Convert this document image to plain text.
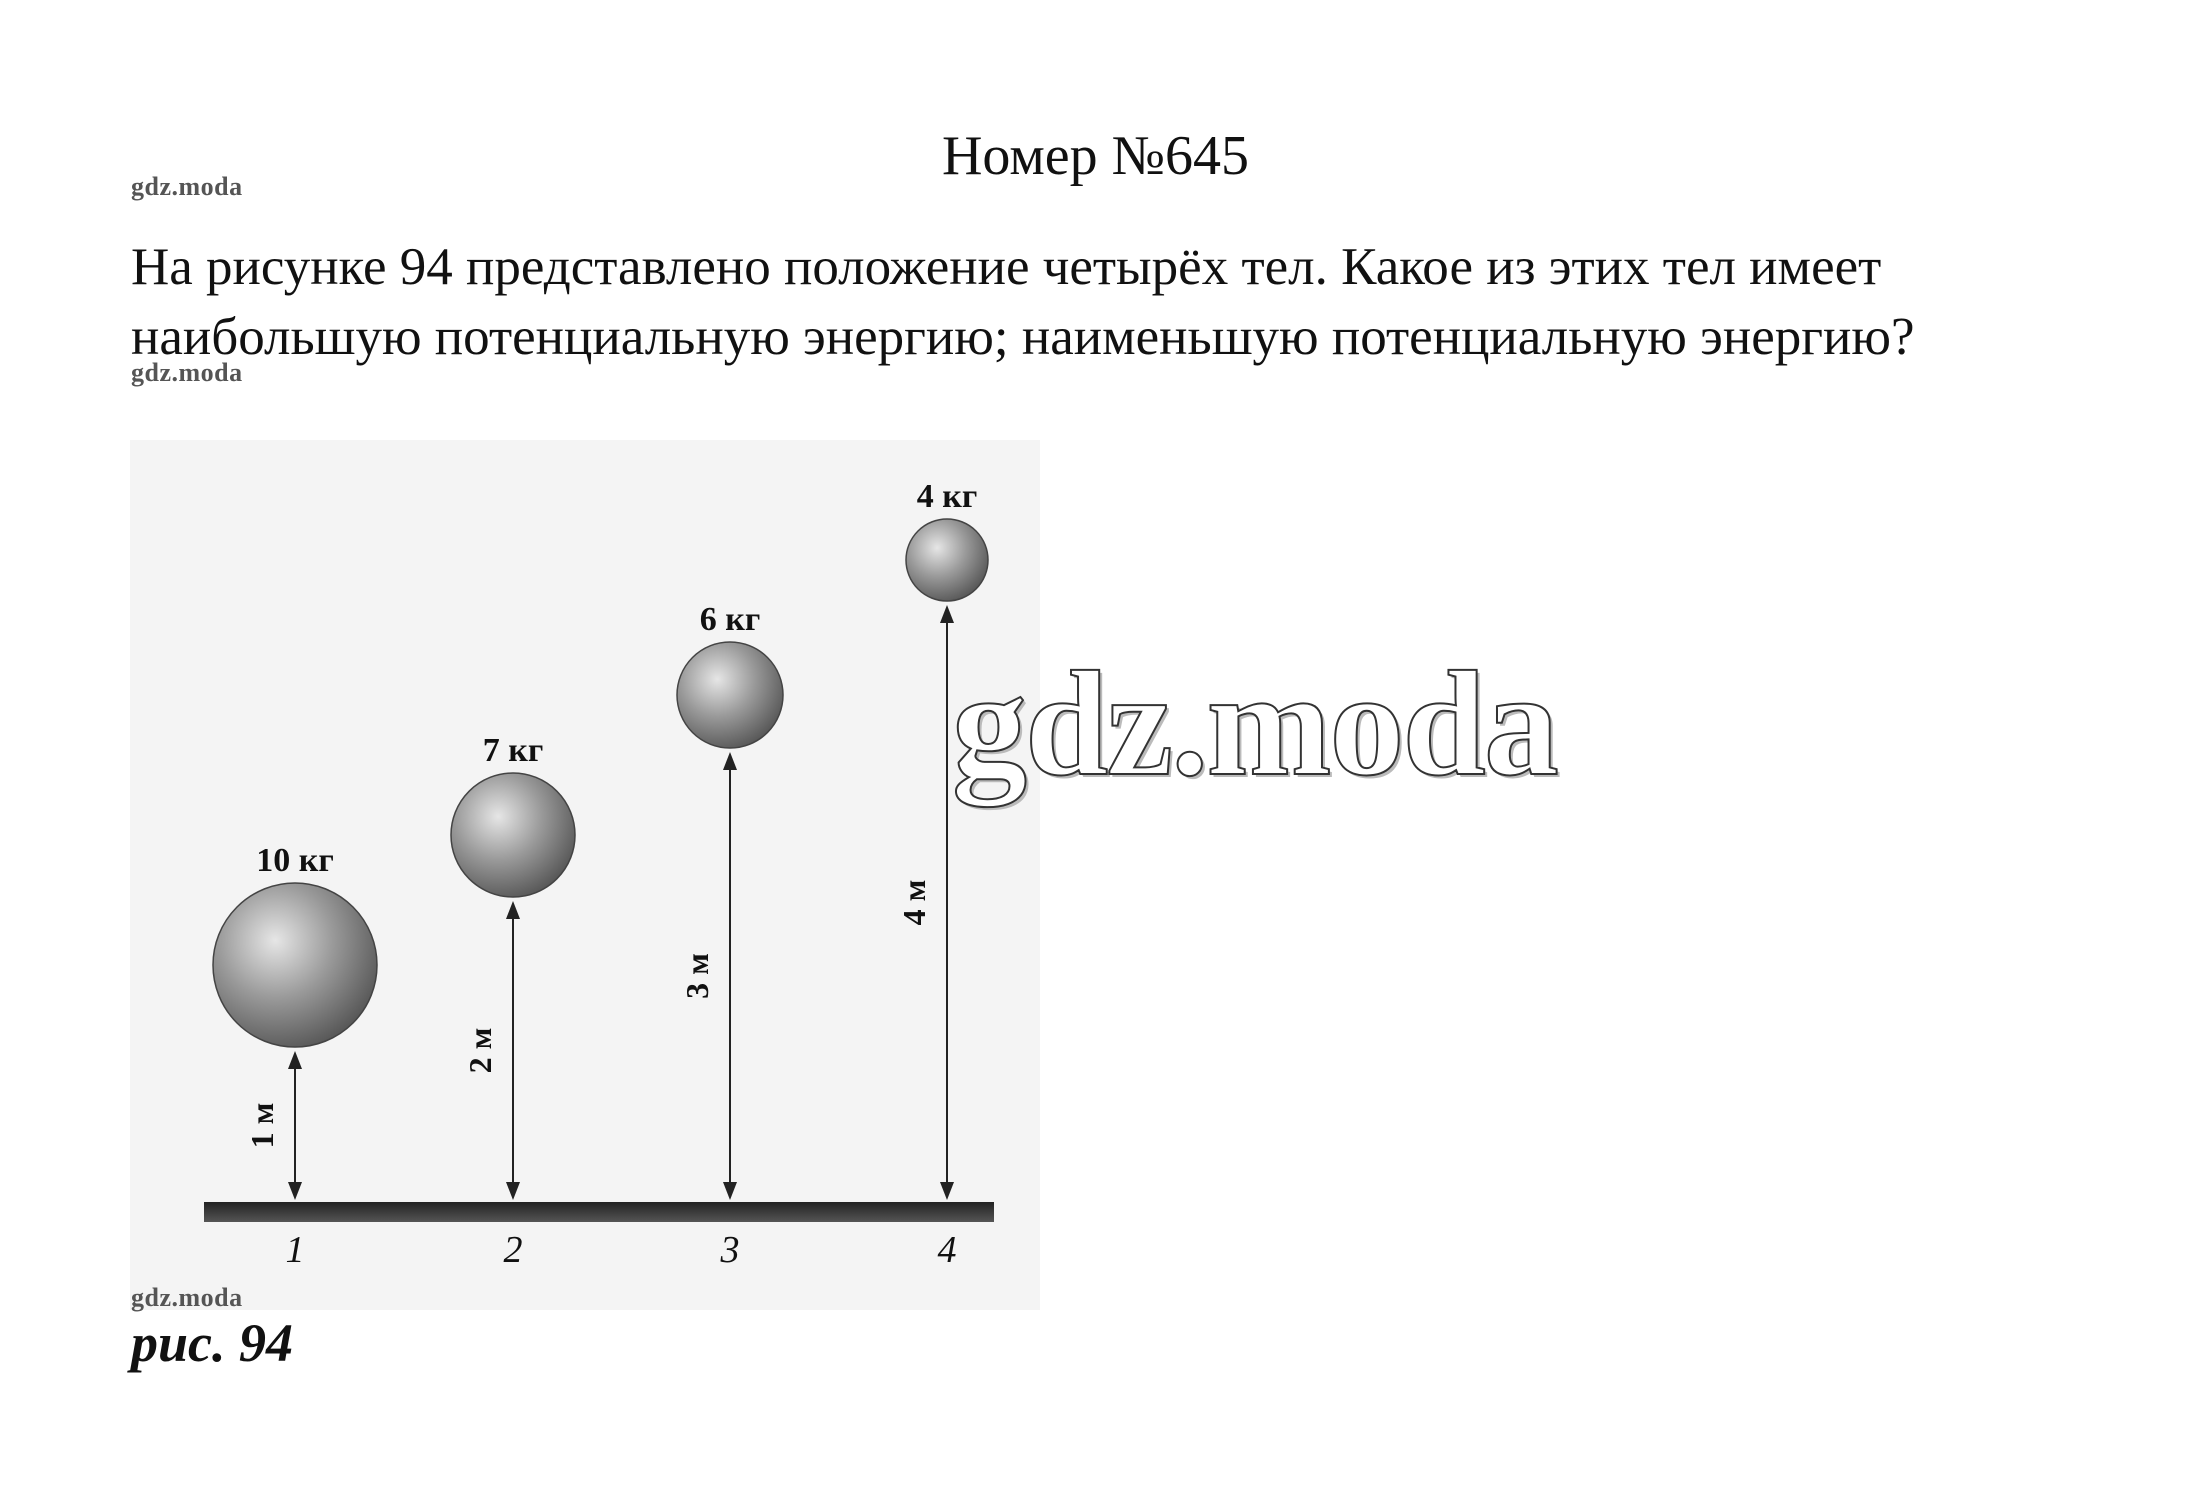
Номер №645
gdz.moda
На рисунке 94 представлено положение четырёх тел. Какое из этих тел имеет наибольшую потенциальную энергию; наименьшую потенциальную энергию?
gdz.moda
10 кг
1 м
1
7 кг
2 м
2
6 кг
3 м
3
4 кг
4 м
4
gdz.moda
рис. 94
gdz.moda
